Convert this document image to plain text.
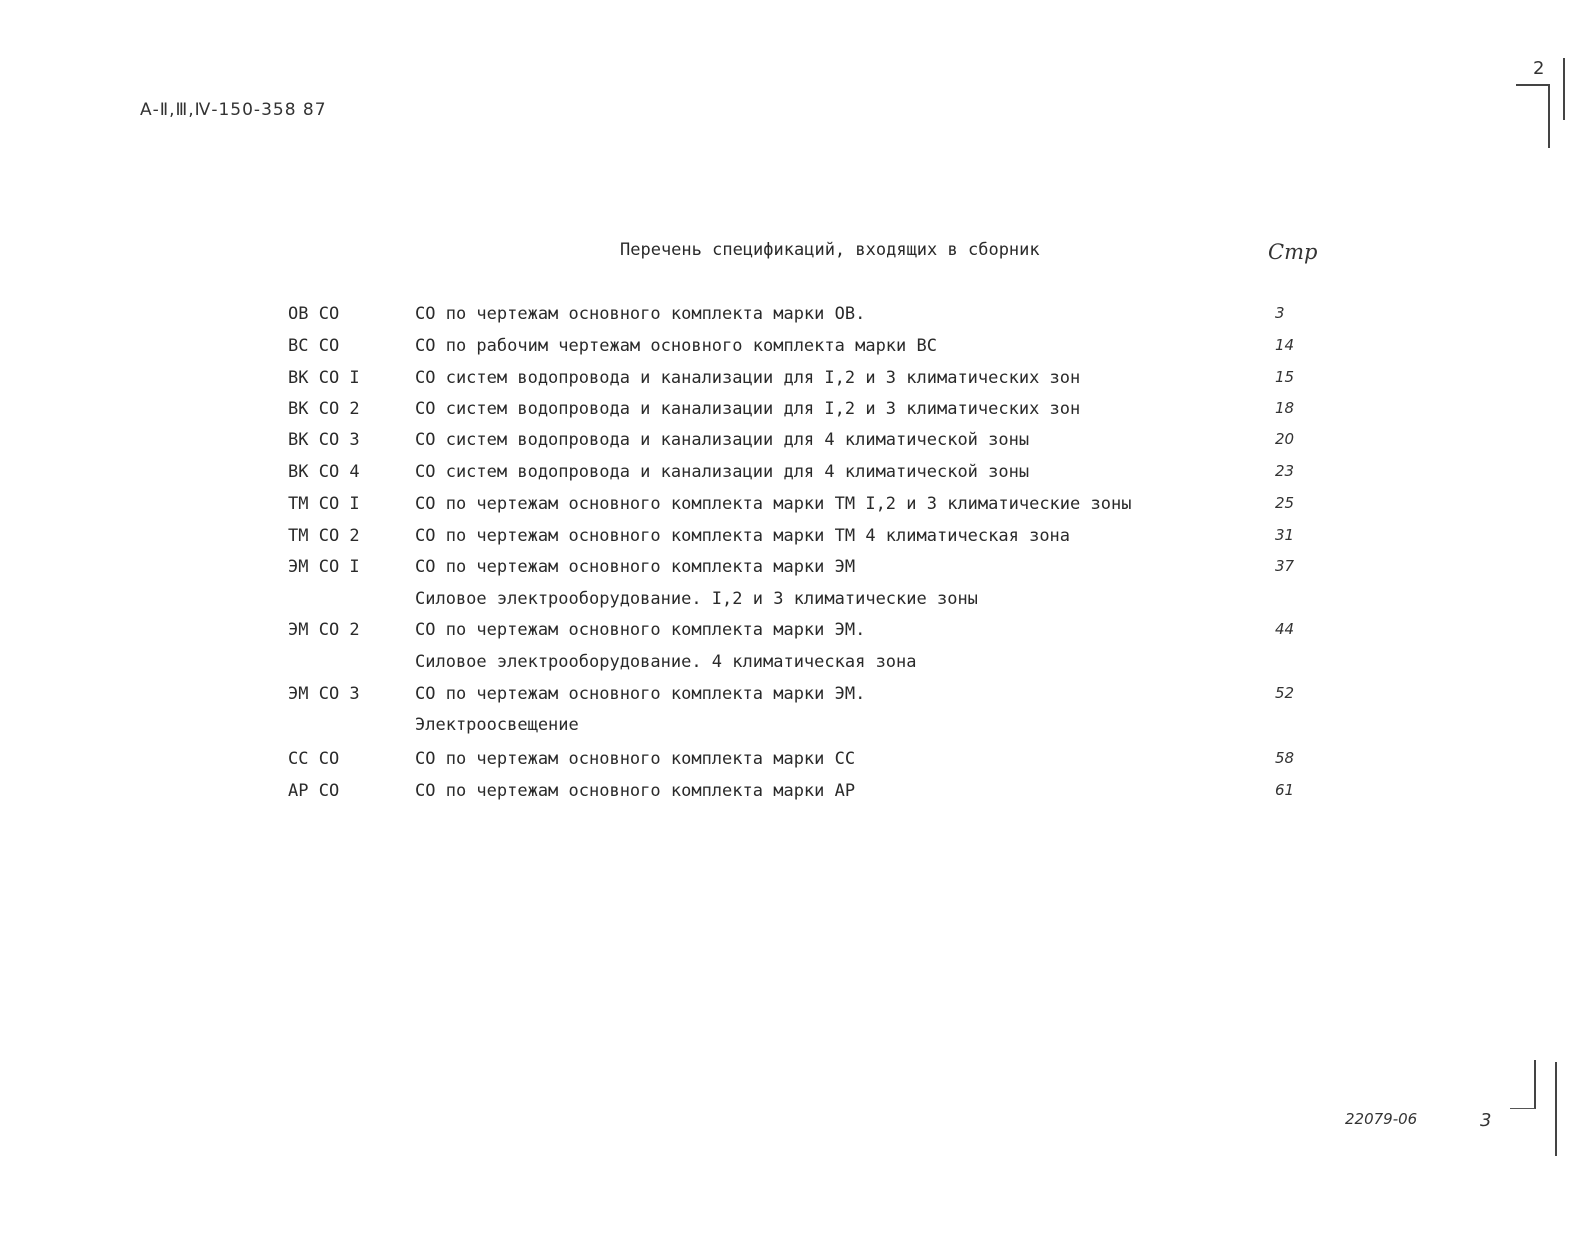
А-Ⅱ,Ⅲ,Ⅳ-150-358 87
2
Перечень спецификаций, входящих в сборник	Стр
ОВ СО	СО по чертежам основного комплекта марки ОВ.	3
ВС СО	СО по рабочим чертежам основного комплекта марки ВС	14
ВК СО I	СО систем водопровода и канализации для I,2 и 3 климатических зон	15
ВК СО 2	СО систем водопровода и канализации для I,2 и 3 климатических зон	18
ВК СО 3	СО систем водопровода и канализации для 4 климатической зоны	20
ВК СО 4	СО систем водопровода и канализации для 4 климатической зоны	23
ТМ СО I	СО по чертежам основного комплекта марки ТМ I,2 и 3 климатические зоны	25
ТМ СО 2	СО по чертежам основного комплекта марки ТМ 4 климатическая зона	31
ЭМ СО I	СО по чертежам основного комплекта марки ЭМ	37
Силовое электрооборудование. I,2 и 3 климатические зоны
ЭМ СО 2	СО по чертежам основного комплекта марки ЭМ.	44
Силовое электрооборудование. 4 климатическая зона
ЭМ СО 3	СО по чертежам основного комплекта марки ЭМ.	52
Электроосвещение
СС СО	СО по чертежам основного комплекта марки СС	58
АР СО	СО по чертежам основного комплекта марки АР	61
22079-06	3
